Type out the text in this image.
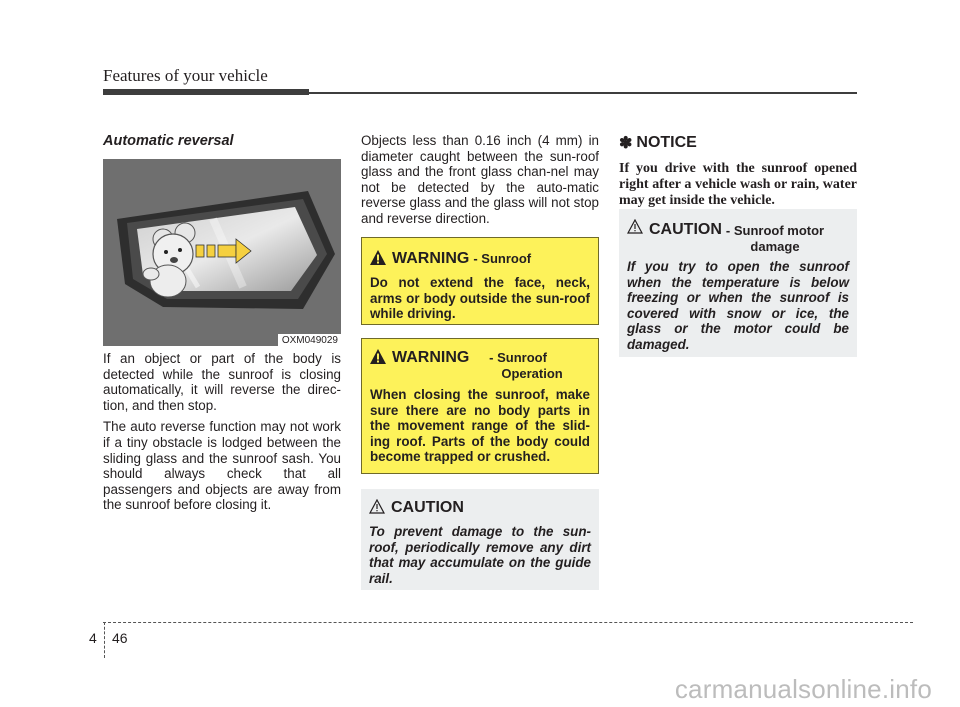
Features of your vehicle

Automatic reversal

OXM049029

If an object or part of the body is detected while the sunroof is closing automatically, it will reverse the direc-tion, and then stop.

The auto reverse function may not work if a tiny obstacle is lodged between the sliding glass and the sunroof sash. You should always check that all passengers and objects are away from the sunroof before closing it.

Objects less than 0.16 inch (4 mm) in diameter caught between the sun-roof glass and the front glass chan-nel may not be detected by the auto-matic reverse glass and the glass will not stop and reverse direction.

WARNING - Sunroof

Do not extend the face, neck, arms or body outside the sun-roof while driving.

WARNING - Sunroof
Operation

When closing the sunroof, make sure there are no body parts in the movement range of the slid-ing roof. Parts of the body could become trapped or crushed.

CAUTION

To prevent damage to the sun-roof, periodically remove any dirt that may accumulate on the guide rail.

✽ NOTICE

If you drive with the sunroof opened right after a vehicle wash or rain, water may get inside the vehicle.

CAUTION - Sunroof motor
damage

If you try to open the sunroof when the temperature is below freezing or when the sunroof is covered with snow or ice, the glass or the motor could be damaged.

4 46
carmanualsonline.info
